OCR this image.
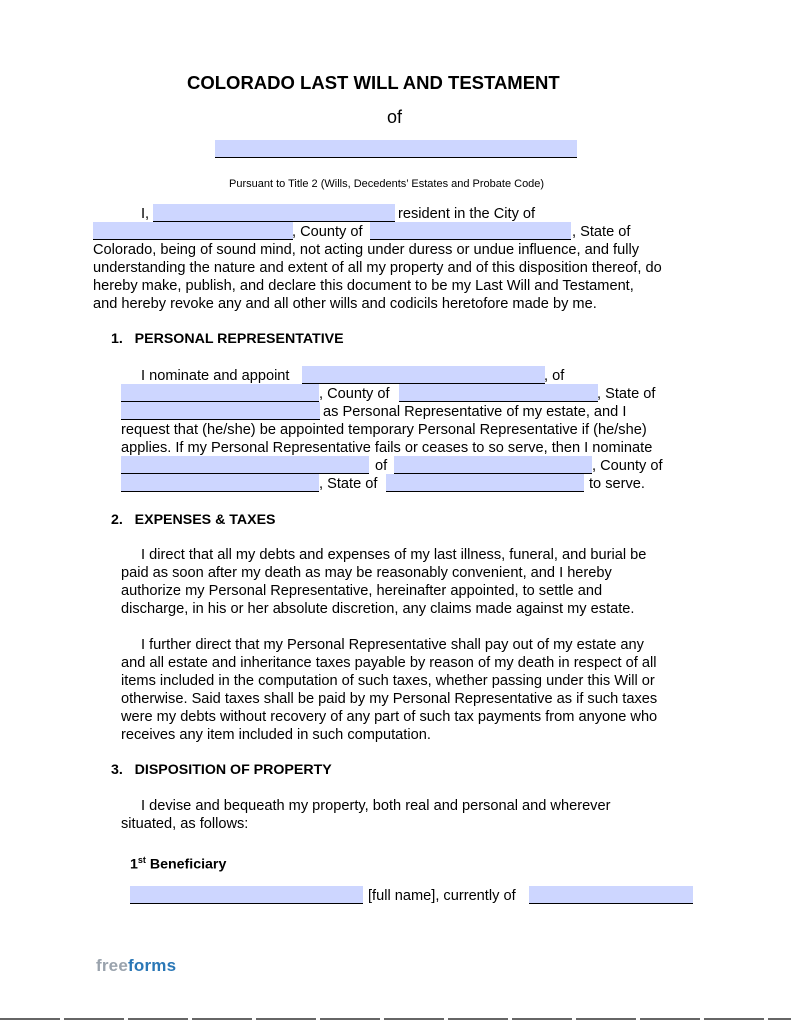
COLORADO LAST WILL AND TESTAMENT
of
Pursuant to Title 2 (Wills, Decedents’ Estates and Probate Code)
I,	resident in the City of
, County of	, State of
Colorado, being of sound mind, not acting under duress or undue influence, and fully
understanding the nature and extent of all my property and of this disposition thereof, do
hereby make, publish, and declare this document to be my Last Will and Testament,
and hereby revoke any and all other wills and codicils heretofore made by me.
1.   PERSONAL REPRESENTATIVE
I nominate and appoint	, of
, County of	, State of
as Personal Representative of my estate, and I
request that (he/she) be appointed temporary Personal Representative if (he/she)
applies. If my Personal Representative fails or ceases to so serve, then I nominate
of	, County of
, State of	to serve.
2.   EXPENSES & TAXES
I direct that all my debts and expenses of my last illness, funeral, and burial be
paid as soon after my death as may be reasonably convenient, and I hereby
authorize my Personal Representative, hereinafter appointed, to settle and
discharge, in his or her absolute discretion, any claims made against my estate.
I further direct that my Personal Representative shall pay out of my estate any
and all estate and inheritance taxes payable by reason of my death in respect of all
items included in the computation of such taxes, whether passing under this Will or
otherwise. Said taxes shall be paid by my Personal Representative as if such taxes
were my debts without recovery of any part of such tax payments from anyone who
receives any item included in such computation.
3.   DISPOSITION OF PROPERTY
I devise and bequeath my property, both real and personal and wherever
situated, as follows:
1st Beneficiary
[full name], currently of
freeforms
